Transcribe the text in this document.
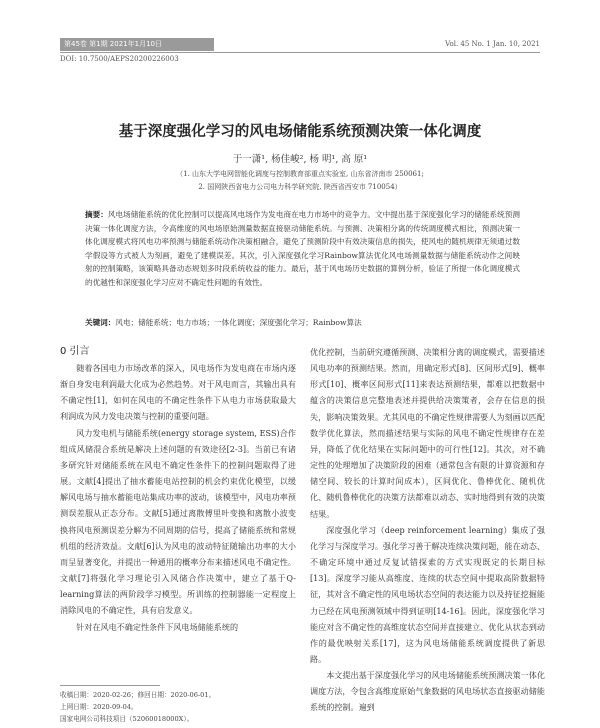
第45卷 第1期 2021年1月10日	Vol. 45 No. 1 Jan. 10, 2021
DOI: 10.7500/AEPS20200226003
基于深度强化学习的风电场储能系统预测决策一体化调度
于一潇¹, 杨佳峻², 杨 明¹, 高 原¹
（1. 山东大学电网智能化调度与控制教育部重点实验室, 山东省济南市 250061;
2. 国网陕西省电力公司电力科学研究院, 陕西省西安市 710054）
摘要：风电场储能系统的优化控制可以提高风电场作为发电商在电力市场中的竞争力。文中提出基于深度强化学习的储能系统预测决策一体化调度方法，令高维度的风电场原始测量数据直接驱动储能系统。与预测、决策相分离的传统调度模式相比，预测决策一体化调度模式将风电功率预测与储能系统动作决策相融合，避免了预测阶段中有效决策信息的损失，使风电的随机规律无须通过数学假设等方式被人为刻画，避免了建模误差。其次，引入深度强化学习Rainbow算法优化风电场测量数据与储能系统动作之间映射的控制策略，该策略具备动态规划多时段系统收益的能力。最后，基于风电场历史数据的算例分析，验证了所提一体化调度模式的优越性和深度强化学习应对不确定性问题的有效性。
关键词：风电；储能系统；电力市场；一体化调度；深度强化学习；Rainbow算法
0 引言

随着各国电力市场改革的深入，风电场作为发电商在市场内逐渐自身发电利润最大化成为必然趋势。对于风电而言，其输出具有不确定性[1]，如何在风电的不确定性条件下从电力市场获取最大利润成为风力发电决策与控制的重要问题。

风力发电机与储能系统(energy storage system, ESS)合作组成风储混合系统是解决上述问题的有效途径[2-3]。当前已有诸多研究针对储能系统在风电不确定性条件下的控制问题取得了进展。文献[4]提出了抽水蓄能电站控制的机会约束优化模型，以缓解风电场与抽水蓄能电站集成功率的波动，该模型中，风电功率预测误差服从正态分布。文献[5]通过离散傅里叶变换和离散小波变换将风电预测误差分解为不同周期的信号，提高了储能系统和常规机组的经济效益。文献[6]认为风电的波动特征随输出功率的大小而呈显著变化，并提出一种通用的概率分布来描述风电不确定性。文献[7]将强化学习理论引入风储合作决策中，建立了基于Q-learning算法的两阶段学习模型。所训练的控制器能一定程度上消除风电的不确定性，具有启发意义。

针对在风电不确定性条件下风电场储能系统的

优化控制，当前研究遵循预测、决策相分离的调度模式，需要描述风电功率的预测结果。然而，用确定形式[8]、区间形式[9]、概率形式[10]、概率区间形式[11]来表达预测结果，都难以把数据中蕴含的决策信息完整地表述并提供给决策策者，会存在信息的损失，影响决策效果。尤其风电的不确定性规律需要人为刻画以匹配数学优化算法，然而描述结果与实际的风电不确定性规律存在差异，降低了优化结果在实际问题中的可行性[12]。其次，对不确定性的处理增加了决策阶段的困难（通常包含有限的计算资源和存储空间、较长的计算时间成本），区间优化、鲁棒优化、随机优化、随机鲁棒优化的决策方法都难以动态、实时地得到有效的决策结果。

深度强化学习（deep reinforcement learning）集成了强化学习与深度学习。强化学习善于解决连续决策问题，能在动态、不确定环境中通过反复试错探索的方式实现既定的长期目标[13]。深度学习能从高维度、连续的状态空间中提取高阶数据特征，其对含不确定性的风电场状态空间的表达能力以及持征挖掘能力已经在风电预测领域中得到证明[14-16]。因此，深度强化学习能应对含不确定性的高维度状态空间并直接建立、优化从状态到动作的最优映射关系[17]，这为风电场储能系统调度提供了新思路。

本文提出基于深度强化学习的风电场储能系统预测决策一体化调度方法，令包含高维度原始气象数据的风电场状态直接驱动储能系统的控制。遍到

收稿日期：2020-02-26；修回日期：2020-06-01。
上网日期：2020-09-04。
国家电网公司科技项目（52060018000X）。
